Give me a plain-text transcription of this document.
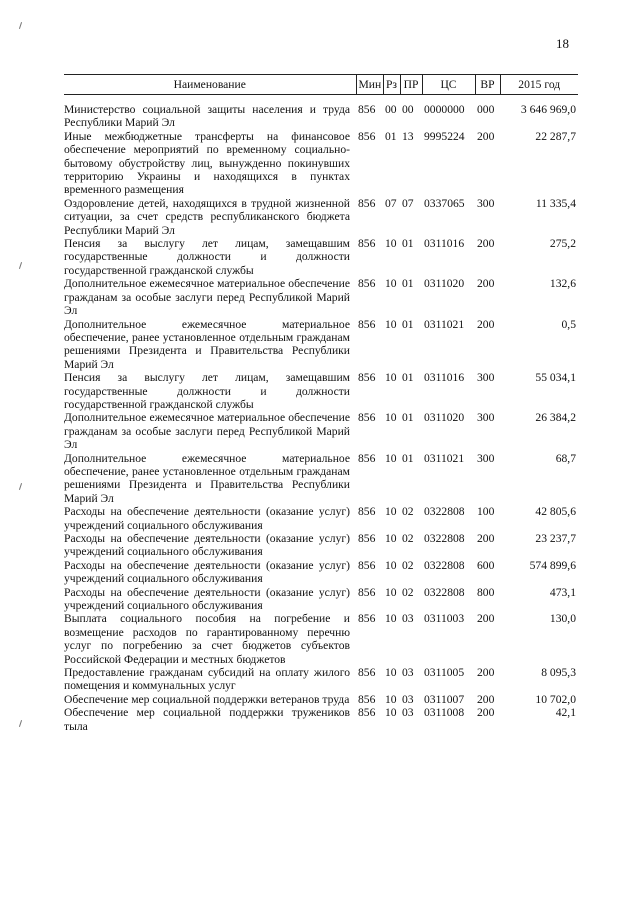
18
Наименование	Мин	Рз	ПР	ЦС	ВР	2015 год
Министерство социальной защиты населения и труда Республики Марий Эл	856	00	00	0000000	000	3 646 969,0
Иные межбюджетные трансферты на финансовое обеспечение мероприятий по временному социально-бытовому обустройству лиц, вынужденно покинувших территорию Украины и находящихся в пунктах временного размещения	856	01	13	9995224	200	22 287,7
Оздоровление детей, находящихся в трудной жизненной ситуации, за счет средств республиканского бюджета Республики Марий Эл	856	07	07	0337065	300	11 335,4
Пенсия за выслугу лет лицам, замещавшим государственные должности и должности государственной гражданской службы	856	10	01	0311016	200	275,2
Дополнительное ежемесячное материальное обеспечение гражданам за особые заслуги перед Республикой Марий Эл	856	10	01	0311020	200	132,6
Дополнительное ежемесячное материальное обеспечение, ранее установленное отдельным гражданам решениями Президента и Правительства Республики Марий Эл	856	10	01	0311021	200	0,5
Пенсия за выслугу лет лицам, замещавшим государственные должности и должности государственной гражданской службы	856	10	01	0311016	300	55 034,1
Дополнительное ежемесячное материальное обеспечение гражданам за особые заслуги перед Республикой Марий Эл	856	10	01	0311020	300	26 384,2
Дополнительное ежемесячное материальное обеспечение, ранее установленное отдельным гражданам решениями Президента и Правительства Республики Марий Эл	856	10	01	0311021	300	68,7
Расходы на обеспечение деятельности (оказание услуг) учреждений социального обслуживания	856	10	02	0322808	100	42 805,6
Расходы на обеспечение деятельности (оказание услуг) учреждений социального обслуживания	856	10	02	0322808	200	23 237,7
Расходы на обеспечение деятельности (оказание услуг) учреждений социального обслуживания	856	10	02	0322808	600	574 899,6
Расходы на обеспечение деятельности (оказание услуг) учреждений социального обслуживания	856	10	02	0322808	800	473,1
Выплата социального пособия на погребение и возмещение расходов по гарантированному перечню услуг по погребению за счет бюджетов субъектов Российской Федерации и местных бюджетов	856	10	03	0311003	200	130,0
Предоставление гражданам субсидий на оплату жилого помещения и коммунальных услуг	856	10	03	0311005	200	8 095,3
Обеспечение мер социальной поддержки ветеранов труда	856	10	03	0311007	200	10 702,0
Обеспечение мер социальной поддержки тружеников тыла	856	10	03	0311008	200	42,1
